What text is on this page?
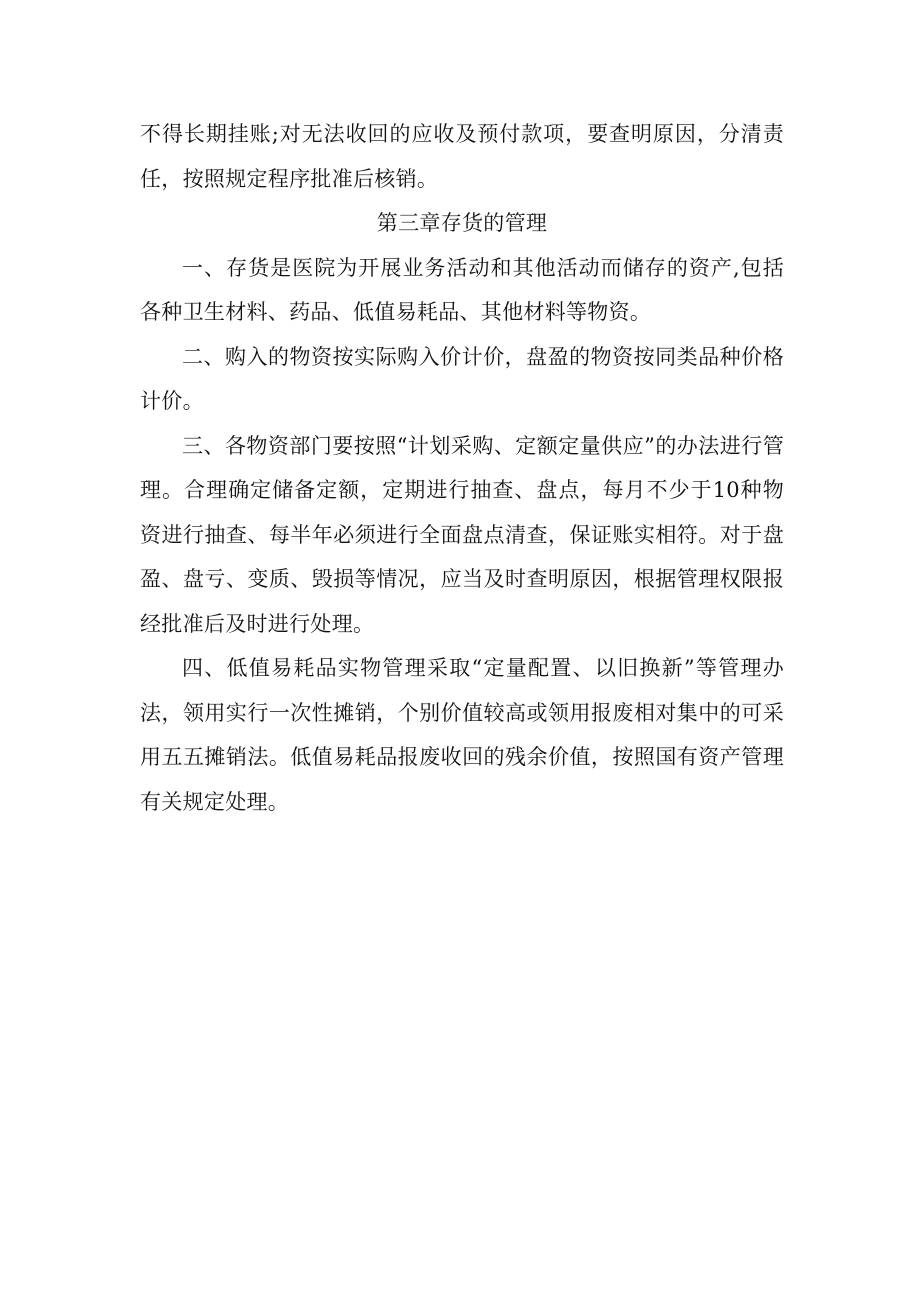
不得长期挂账;对无法收回的应收及预付款项，要查明原因，分清责任，按照规定程序批准后核销。

第三章存货的管理

一、存货是医院为开展业务活动和其他活动而储存的资产,包括各种卫生材料、药品、低值易耗品、其他材料等物资。

二、购入的物资按实际购入价计价，盘盈的物资按同类品种价格计价。

三、各物资部门要按照“计划采购、定额定量供应”的办法进行管理。合理确定储备定额，定期进行抽查、盘点，每月不少于10种物资进行抽查、每半年必须进行全面盘点清查，保证账实相符。对于盘盈、盘亏、变质、毁损等情况，应当及时查明原因，根据管理权限报经批准后及时进行处理。

四、低值易耗品实物管理采取“定量配置、以旧换新”等管理办法，领用实行一次性摊销，个别价值较高或领用报废相对集中的可采用五五摊销法。低值易耗品报废收回的残余价值，按照国有资产管理有关规定处理。
